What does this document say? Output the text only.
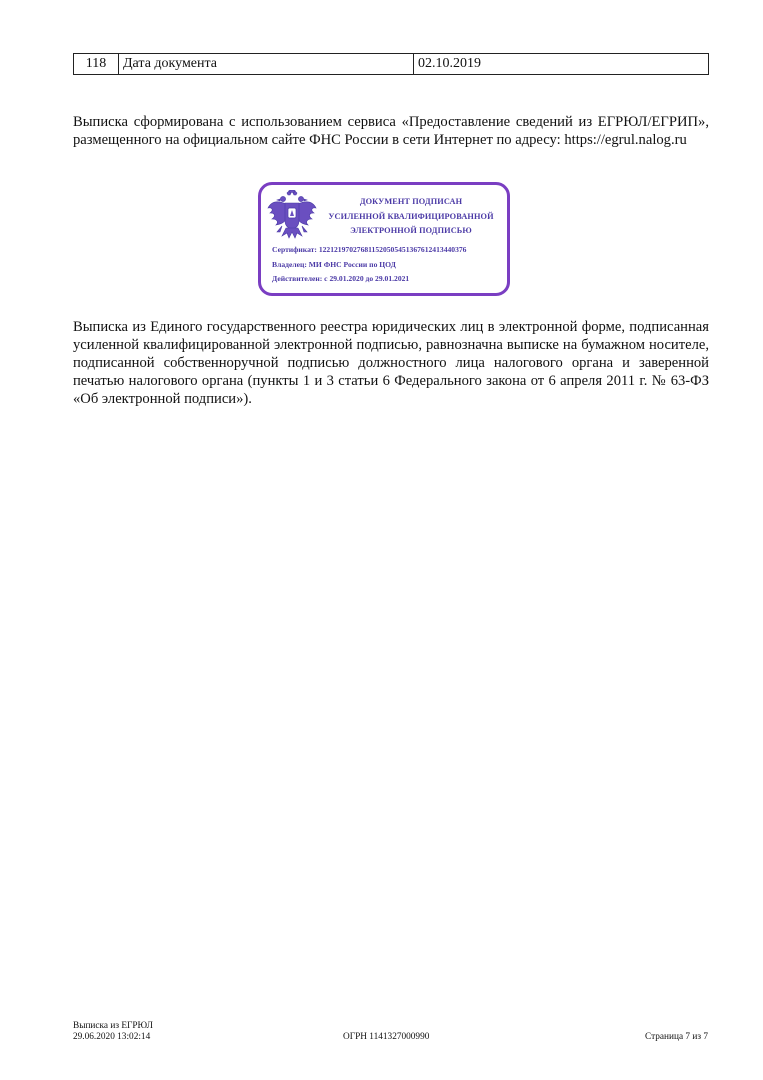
118	Дата документа	02.10.2019

Выписка сформирована с использованием сервиса «Предоставление сведений из ЕГРЮЛ/ЕГРИП», размещенного на официальном сайте ФНС России в сети Интернет по адресу: https://egrul.nalog.ru

ДОКУМЕНТ ПОДПИСАН
УСИЛЕННОЙ КВАЛИФИЦИРОВАННОЙ
ЭЛЕКТРОННОЙ ПОДПИСЬЮ
Сертификат: 1221219702768115205054513676124134403​76
Владелец: МИ ФНС России по ЦОД
Действителен: с 29.01.2020 до 29.01.2021

Выписка из Единого государственного реестра юридических лиц в электронной форме, подписанная усиленной квалифицированной электронной подписью, равнозначна выписке на бумажном носителе, подписанной собственноручной подписью должностного лица налогового органа и заверенной печатью налогового органа (пункты 1 и 3 статьи 6 Федерального закона от 6 апреля 2011 г. № 63-ФЗ «Об электронной подписи»).

Выписка из ЕГРЮЛ
29.06.2020 13:02:14	ОГРН 1141327000990	Страница 7 из 7
